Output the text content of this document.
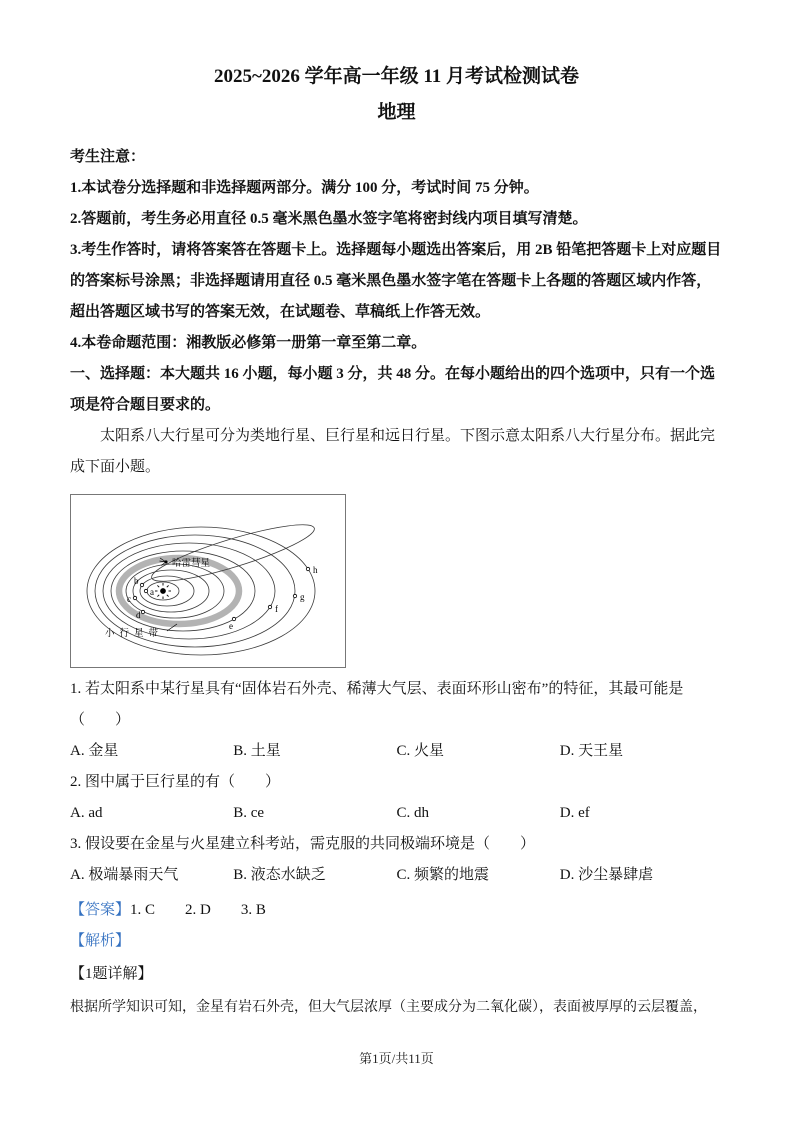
2025~2026 学年高一年级 11 月考试检测试卷
地理

考生注意：

1.本试卷分选择题和非选择题两部分。满分 100 分，考试时间 75 分钟。

2.答题前，考生务必用直径 0.5 毫米黑色墨水签字笔将密封线内项目填写清楚。

3.考生作答时，请将答案答在答题卡上。选择题每小题选出答案后，用 2B 铅笔把答题卡上对应题目的答案标号涂黑；非选择题请用直径 0.5 毫米黑色墨水签字笔在答题卡上各题的答题区域内作答，超出答题区域书写的答案无效，在试题卷、草稿纸上作答无效。

4.本卷命题范围：湘教版必修第一册第一章至第二章。

一、选择题：本大题共 16 小题，每小题 3 分，共 48 分。在每小题给出的四个选项中，只有一个选项是符合题目要求的。

太阳系八大行星可分为类地行星、巨行星和远日行星。下图示意太阳系八大行星分布。据此完成下面小题。

哈雷彗星
a
b
c
d
e
f
g
h
小行星带

1. 若太阳系中某行星具有“固体岩石外壳、稀薄大气层、表面环形山密布”的特征，其最可能是（　　）

A. 金星	B. 土星	C. 火星	D. 天王星

2. 图中属于巨行星的有（　　）

A. ad	B. ce	C. dh	D. ef

3. 假设要在金星与火星建立科考站，需克服的共同极端环境是（　　）

A. 极端暴雨天气	B. 液态水缺乏	C. 频繁的地震	D. 沙尘暴肆虐

【答案】1. C　　2. D　　3. B

【解析】

【1题详解】

根据所学知识可知，金星有岩石外壳，但大气层浓厚（主要成分为二氧化碳），表面被厚厚的云层覆盖，

第1页/共11页
